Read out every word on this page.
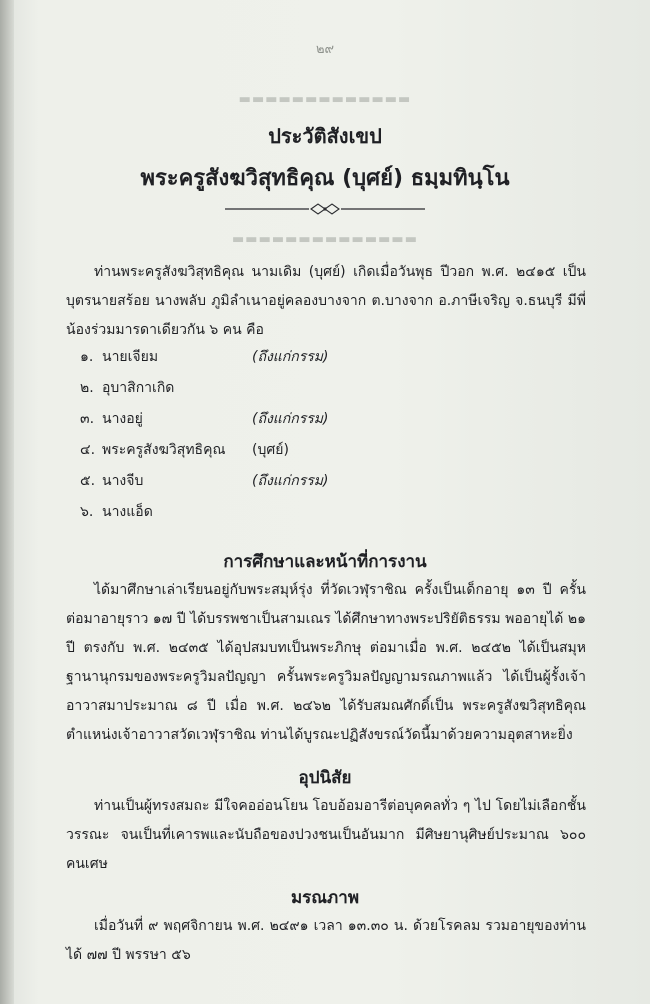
๒๙
▬▬▬▬▬▬▬▬▬▬▬▬▬
▬▬▬▬▬▬▬▬▬▬▬▬▬▬
ประวัติสังเขป
พระครูสังฆวิสุทธิคุณ (บุศย์) ธมฺมทินฺโน
ท่านพระครูสังฆวิสุทธิคุณ นามเดิม (บุศย์) เกิดเมื่อวันพุธ ปีวอก พ.ศ. ๒๔๑๕ เป็นบุตรนายสร้อย นางพลับ ภูมิลำเนาอยู่คลองบางจาก ต.บางจาก อ.ภาษีเจริญ จ.ธนบุรี มีพี่น้องร่วมมารดาเดียวกัน ๖ คน คือ
๑. นายเจียม	(ถึงแก่กรรม)
๒. อุบาสิกาเกิด
๓. นางอยู่	(ถึงแก่กรรม)
๔. พระครูสังฆวิสุทธิคุณ	(บุศย์)
๕. นางจีบ	(ถึงแก่กรรม)
๖. นางแอ็ด
การศึกษาและหน้าที่การงาน
ได้มาศึกษาเล่าเรียนอยู่กับพระสมุห์รุ่ง ที่วัดเวฬุราชิณ ครั้งเป็นเด็กอายุ ๑๓ ปี ครั้นต่อมาอายุราว ๑๗ ปี ได้บรรพชาเป็นสามเณร ได้ศึกษาทางพระปริยัติธรรม พออายุได้ ๒๑ ปี ตรงกับ พ.ศ. ๒๔๓๕ ได้อุปสมบทเป็นพระภิกษุ ต่อมาเมื่อ พ.ศ. ๒๔๕๒ ได้เป็นสมุหฐานานุกรมของพระครูวิมลปัญญา ครั้นพระครูวิมลปัญญามรณภาพแล้ว ได้เป็นผู้รั้งเจ้าอาวาสมาประมาณ ๘ ปี เมื่อ พ.ศ. ๒๔๖๒ ได้รับสมณศักดิ์เป็น พระครูสังฆวิสุทธิคุณ ตำแหน่งเจ้าอาวาสวัดเวฬุราชิณ ท่านได้บูรณะปฏิสังขรณ์วัดนี้มาด้วยความอุตสาหะยิ่ง
อุปนิสัย
ท่านเป็นผู้ทรงสมถะ มีใจคออ่อนโยน โอบอ้อมอารีต่อบุคคลทั่ว ๆ ไป โดยไม่เลือกชั้นวรรณะ จนเป็นที่เคารพและนับถือของปวงชนเป็นอันมาก มีศิษยานุศิษย์ประมาณ ๖๐๐ คนเศษ
มรณภาพ
เมื่อวันที่ ๙ พฤศจิกายน พ.ศ. ๒๔๙๑ เวลา ๑๓.๓๐ น. ด้วยโรคลม รวมอายุของท่านได้ ๗๗ ปี พรรษา ๕๖
